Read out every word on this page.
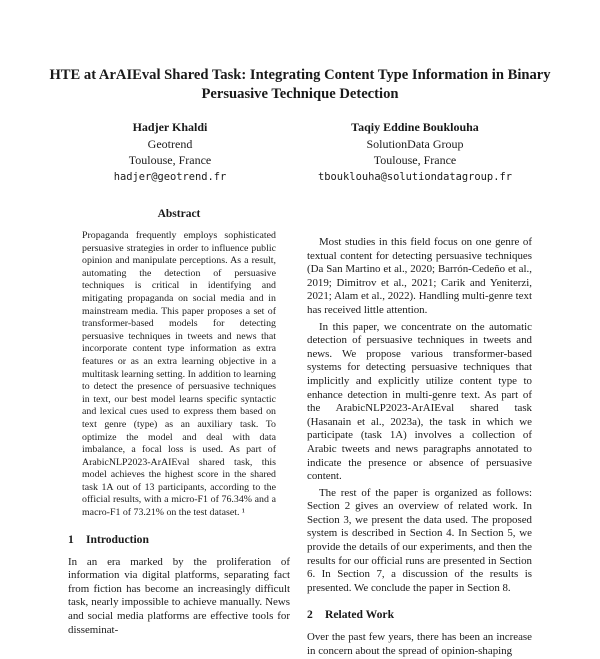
HTE at ArAIEval Shared Task: Integrating Content Type Information in Binary Persuasive Technique Detection
Hadjer Khaldi
Geotrend
Toulouse, France
hadjer@geotrend.fr
Taqiy Eddine Bouklouha
SolutionData Group
Toulouse, France
tbouklouha@solutiondatagroup.fr
Abstract

Propaganda frequently employs sophisticated persuasive strategies in order to influence public opinion and manipulate perceptions. As a result, automating the detection of persuasive techniques is critical in identifying and mitigating propaganda on social media and in mainstream media. This paper proposes a set of transformer-based models for detecting persuasive techniques in tweets and news that incorporate content type information as extra features or as an extra learning objective in a multitask learning setting. In addition to learning to detect the presence of persuasive techniques in text, our best model learns specific syntactic and lexical cues used to express them based on text genre (type) as an auxiliary task. To optimize the model and deal with data imbalance, a focal loss is used. As part of ArabicNLP2023-ArAIEval shared task, this model achieves the highest score in the shared task 1A out of 13 participants, according to the official results, with a micro-F1 of 76.34% and a macro-F1 of 73.21% on the test dataset. ¹

1 Introduction

In an era marked by the proliferation of information via digital platforms, separating fact from fiction has become an increasingly difficult task, nearly impossible to achieve manually. News and social media platforms are effective tools for disseminat-

Most studies in this field focus on one genre of textual content for detecting persuasive techniques (Da San Martino et al., 2020; Barrón-Cedeño et al., 2019; Dimitrov et al., 2021; Carik and Yeniterzi, 2021; Alam et al., 2022). Handling multi-genre text has received little attention.

In this paper, we concentrate on the automatic detection of persuasive techniques in tweets and news. We propose various transformer-based systems for detecting persuasive techniques that implicitly and explicitly utilize content type to enhance detection in multi-genre text. As part of the ArabicNLP2023-ArAIEval shared task (Hasanain et al., 2023a), the task in which we participate (task 1A) involves a collection of Arabic tweets and news paragraphs annotated to indicate the presence or absence of persuasive content.

The rest of the paper is organized as follows: Section 2 gives an overview of related work. In Section 3, we present the data used. The proposed system is described in Section 4. In Section 5, we provide the details of our experiments, and then the results for our official runs are presented in Section 6. In Section 7, a discussion of the results is presented. We conclude the paper in Section 8.

2 Related Work

Over the past few years, there has been an increase in concern about the spread of opinion-shaping
